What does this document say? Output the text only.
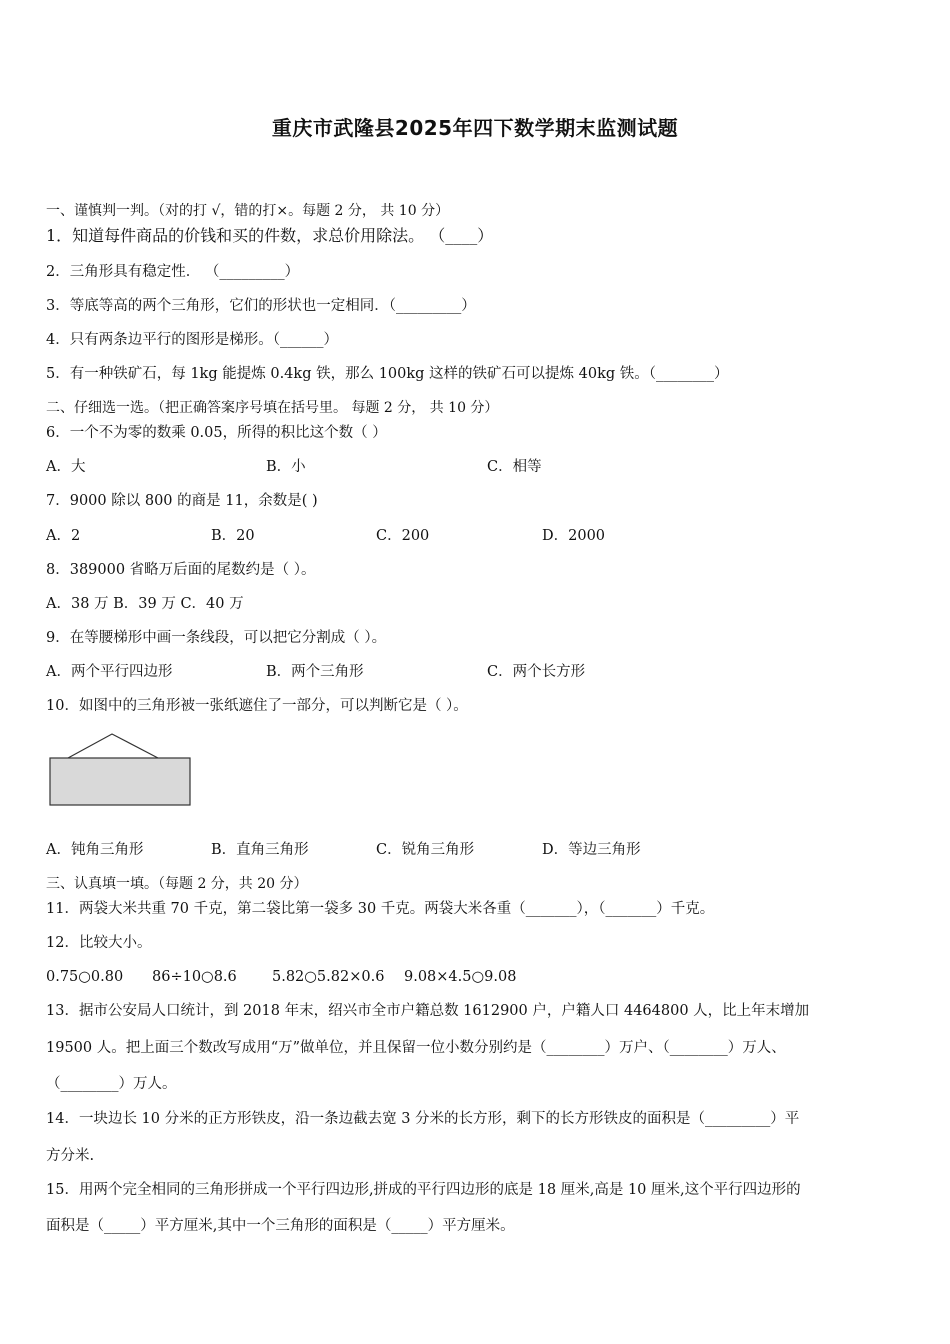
重庆市武隆县2025年四下数学期末监测试题
一、谨慎判一判。（对的打 √，错的打×。每题 2 分， 共 10 分）
1．知道每件商品的价钱和买的件数，求总价用除法。 （____）
2．三角形具有稳定性． （_________）
3．等底等高的两个三角形，它们的形状也一定相同．（_________）
4．只有两条边平行的图形是梯形。（______）
5．有一种铁矿石，每 1kg 能提炼 0.4kg 铁，那么 100kg 这样的铁矿石可以提炼 40kg 铁。（________）
二、仔细选一选。（把正确答案序号填在括号里。 每题 2 分， 共 10 分）
6．一个不为零的数乘 0.05，所得的积比这个数（ ）
A．大	B．小	C．相等
7．9000 除以 800 的商是 11，余数是( )
A．2	B．20	C．200	D．2000
8．389000 省略万后面的尾数约是（ ）。
A．38 万 B．39 万 C．40 万
9．在等腰梯形中画一条线段，可以把它分割成（ ）。
A．两个平行四边形	B．两个三角形	C．两个长方形
10．如图中的三角形被一张纸遮住了一部分，可以判断它是（ ）。
A．钝角三角形	B．直角三角形	C．锐角三角形	D．等边三角形
三、认真填一填。（每题 2 分，共 20 分）
11．两袋大米共重 70 千克，第二袋比第一袋多 30 千克。两袋大米各重（_______），（_______）千克。
12．比较大小。
0.75○0.80 86÷10○8.6 5.82○5.82×0.6 9.08×4.5○9.08
13．据市公安局人口统计，到 2018 年末，绍兴市全市户籍总数 1612900 户，户籍人口 4464800 人，比上年末增加
19500 人。把上面三个数改写成用“万”做单位，并且保留一位小数分别约是（________）万户、（________）万人、
（________）万人。
14．一块边长 10 分米的正方形铁皮，沿一条边截去宽 3 分米的长方形，剩下的长方形铁皮的面积是（_________）平
方分米.
15．用两个完全相同的三角形拼成一个平行四边形,拼成的平行四边形的底是 18 厘米,高是 10 厘米,这个平行四边形的
面积是（_____）平方厘米,其中一个三角形的面积是（_____）平方厘米。
